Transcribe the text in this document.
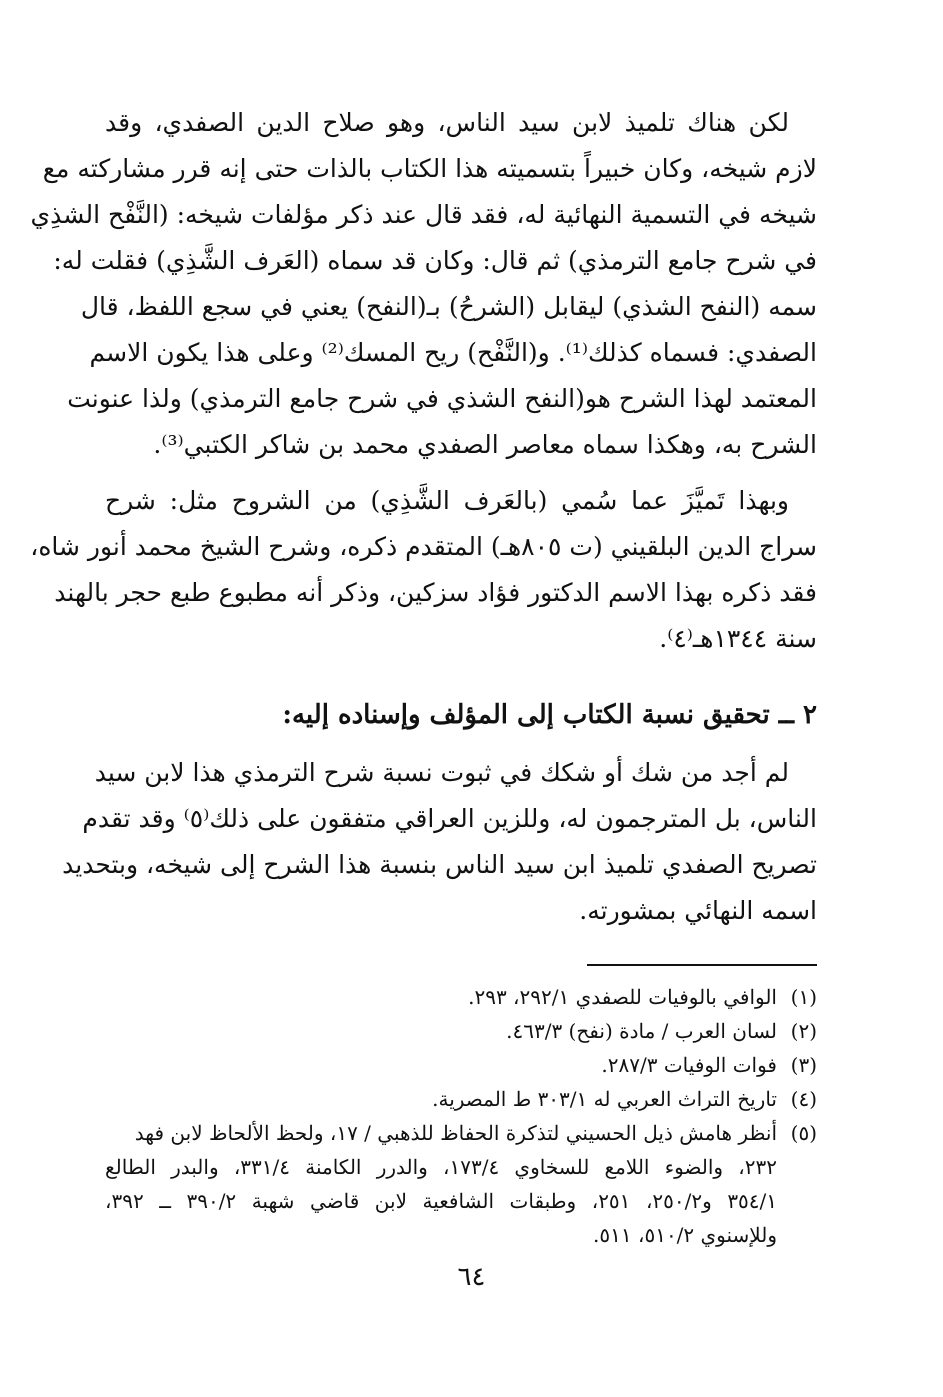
لكن هناك تلميذ لابن سيد الناس، وهو صلاح الدين الصفدي، وقد
لازم شيخه، وكان خبيراً بتسميته هذا الكتاب بالذات حتى إنه قرر مشاركته مع
شيخه في التسمية النهائية له، فقد قال عند ذكر مؤلفات شيخه: (النَّفْح الشذِي
في شرح جامع الترمذي) ثم قال: وكان قد سماه (العَرف الشَّذِي) فقلت له:
سمه (النفح الشذي) ليقابل (الشرحُ) بـ(النفح) يعني في سجع اللفظ، قال
الصفدي: فسماه كذلك⁽¹⁾. و(النَّفْح) ريح المسك⁽²⁾ وعلى هذا يكون الاسم
المعتمد لهذا الشرح هو(النفح الشذي في شرح جامع الترمذي) ولذا عنونت
الشرح به، وهكذا سماه معاصر الصفدي محمد بن شاكر الكتبي⁽³⁾.
وبهذا تَميَّزَ عما سُمي (بالعَرف الشَّذِي) من الشروح مثل: شرح
سراج الدين البلقيني (ت ٨٠٥هـ) المتقدم ذكره، وشرح الشيخ محمد أنور شاه،
فقد ذكره بهذا الاسم الدكتور فؤاد سزكين، وذكر أنه مطبوع طبع حجر بالهند
سنة ١٣٤٤هـ⁽٤⁾.
٢ ــ تحقيق نسبة الكتاب إلى المؤلف وإسناده إليه:
لم أجد من شك أو شكك في ثبوت نسبة شرح الترمذي هذا لابن سيد
الناس، بل المترجمون له، وللزين العراقي متفقون على ذلك⁽٥⁾ وقد تقدم
تصريح الصفدي تلميذ ابن سيد الناس بنسبة هذا الشرح إلى شيخه، وبتحديد
اسمه النهائي بمشورته.
(١)الوافي بالوفيات للصفدي ٢٩٢/١، ٢٩٣.
(٢)لسان العرب / مادة (نفح) ٤٦٣/٣.
(٣)فوات الوفيات ٢٨٧/٣.
(٤)تاريخ التراث العربي له ٣٠٣/١ ط المصرية.
(٥)أنظر هامش ذيل الحسيني لتذكرة الحفاظ للذهبي / ١٧، ولحظ الألحاظ لابن فهد
٢٣٢، والضوء اللامع للسخاوي ١٧٣/٤، والدرر الكامنة ٣٣١/٤، والبدر الطالع
٣٥٤/١ و٢٥٠/٢، ٢٥١، وطبقات الشافعية لابن قاضي شهبة ٣٩٠/٢ ــ ٣٩٢،
وللإسنوي ٥١٠/٢، ٥١١.
٦٤
